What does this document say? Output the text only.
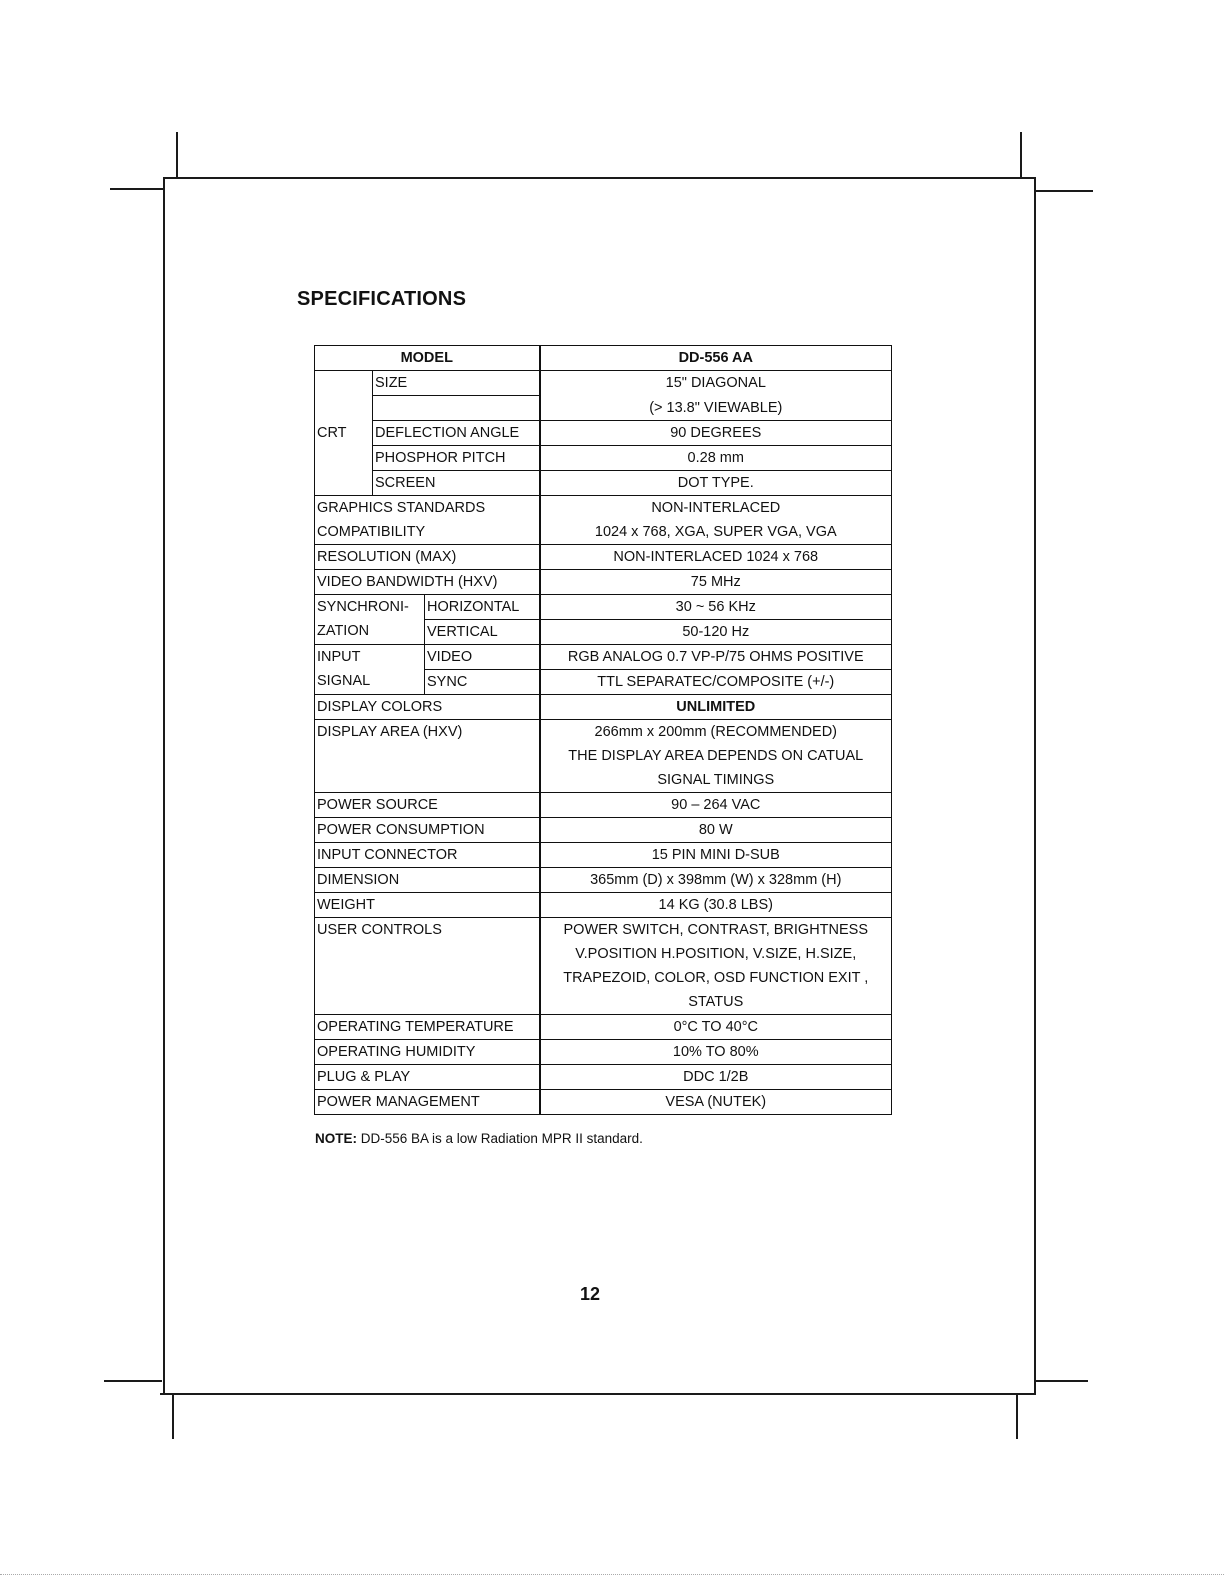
SPECIFICATIONS
MODEL			DD-556 AA
CRT	SIZE		15" DIAGONAL
			(> 13.8" VIEWABLE)
	DEFLECTION ANGLE		90 DEGREES
	PHOSPHOR PITCH		0.28 mm
	SCREEN		DOT TYPE.
GRAPHICS STANDARDS			NON-INTERLACED
COMPATIBILITY			1024 x 768, XGA, SUPER VGA, VGA
RESOLUTION (MAX)			NON-INTERLACED 1024 x 768
VIDEO BANDWIDTH (HXV)			75 MHz
SYNCHRONI-		HORIZONTAL	30 ~ 56 KHz
ZATION		VERTICAL	50-120 Hz
INPUT		VIDEO	RGB ANALOG 0.7 VP-P/75 OHMS POSITIVE
SIGNAL		SYNC	TTL SEPARATEC/COMPOSITE (+/-)
DISPLAY COLORS			UNLIMITED
DISPLAY AREA (HXV)			266mm x 200mm (RECOMMENDED)
			THE DISPLAY AREA DEPENDS ON CATUAL
			SIGNAL TIMINGS
POWER SOURCE			90 – 264 VAC
POWER CONSUMPTION			80 W
INPUT CONNECTOR			15 PIN MINI D-SUB
DIMENSION			365mm (D) x 398mm (W) x 328mm (H)
WEIGHT			14 KG (30.8 LBS)
USER CONTROLS			POWER SWITCH, CONTRAST, BRIGHTNESS
			V.POSITION H.POSITION, V.SIZE, H.SIZE,
			TRAPEZOID, COLOR, OSD FUNCTION EXIT ,
			STATUS
OPERATING TEMPERATURE			0°C TO 40°C
OPERATING HUMIDITY			10% TO 80%
PLUG & PLAY			DDC 1/2B
POWER MANAGEMENT			VESA (NUTEK)

NOTE: DD-556 BA is a low Radiation MPR II standard.

12
